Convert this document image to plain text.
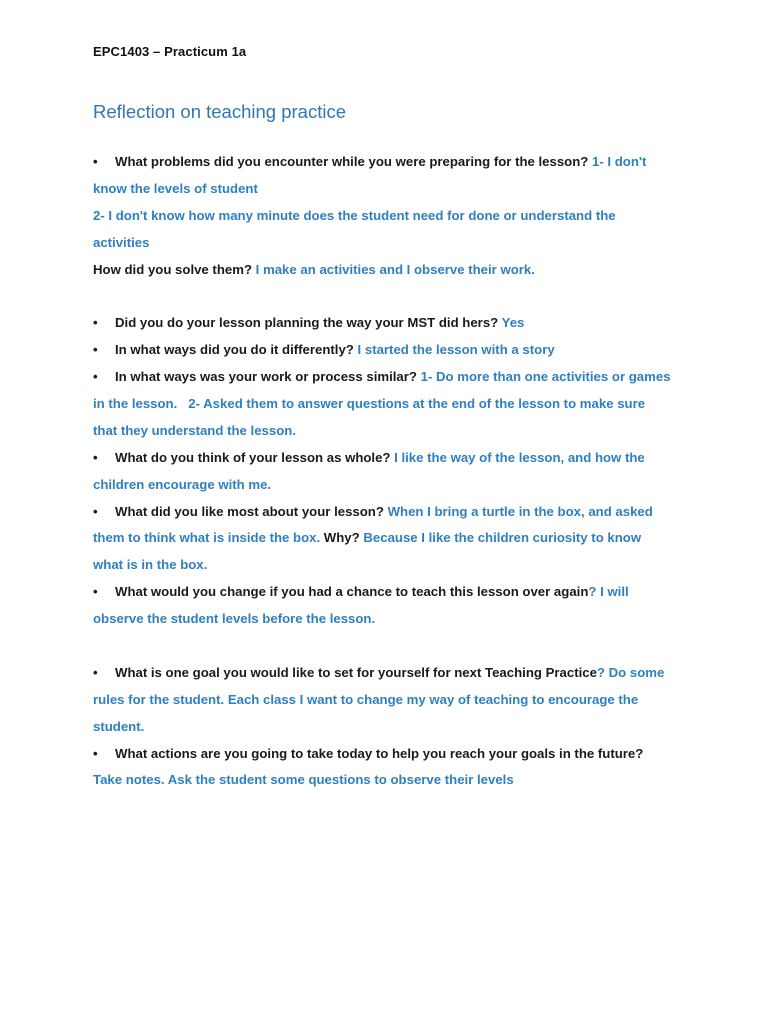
EPC1403 – Practicum 1a
Reflection on teaching practice
• What problems did you encounter while you were preparing for the lesson? 1- I don't
know the levels of student
2- I don't know how many minute does the student need for done or understand the
activities
How did you solve them? I make an activities and I observe their work.
• Did you do your lesson planning the way your MST did hers? Yes
• In what ways did you do it differently? I started the lesson with a story
• In what ways was your work or process similar? 1- Do more than one activities or games
in the lesson.   2- Asked them to answer questions at the end of the lesson to make sure
that they understand the lesson.
• What do you think of your lesson as whole? I like the way of the lesson, and how the
children encourage with me.
• What did you like most about your lesson? When I bring a turtle in the box, and asked
them to think what is inside the box. Why? Because I like the children curiosity to know
what is in the box.
• What would you change if you had a chance to teach this lesson over again? I will
observe the student levels before the lesson.
• What is one goal you would like to set for yourself for next Teaching Practice? Do some
rules for the student. Each class I want to change my way of teaching to encourage the
student.
• What actions are you going to take today to help you reach your goals in the future?
Take notes. Ask the student some questions to observe their levels
